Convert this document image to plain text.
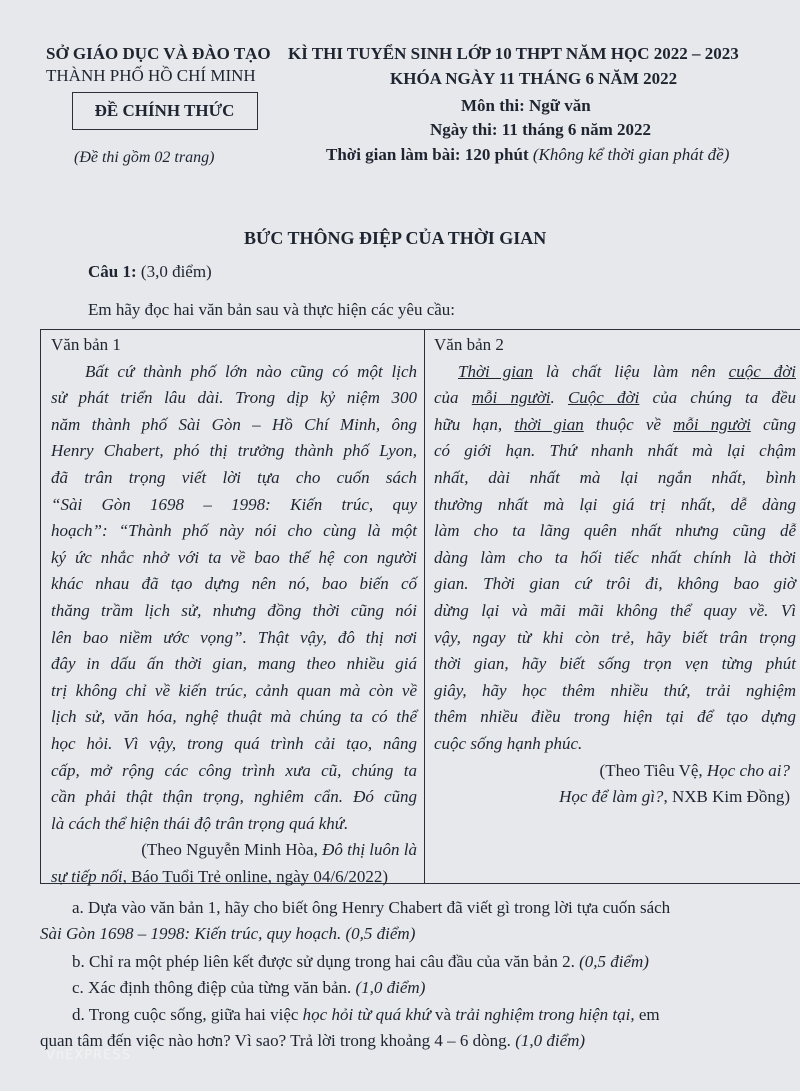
SỞ GIÁO DỤC VÀ ĐÀO TẠO
THÀNH PHỐ HỒ CHÍ MINH
ĐỀ CHÍNH THỨC
(Đề thi gồm 02 trang)
KÌ THI TUYỂN SINH LỚP 10 THPT NĂM HỌC 2022 – 2023
KHÓA NGÀY 11 THÁNG 6 NĂM 2022
Môn thi: Ngữ văn
Ngày thi: 11 tháng 6 năm 2022
Thời gian làm bài: 120 phút (Không kể thời gian phát đề)
BỨC THÔNG ĐIỆP CỦA THỜI GIAN
Câu 1: (3,0 điểm)
Em hãy đọc hai văn bản sau và thực hiện các yêu cầu:
Văn bản 1
Bất cứ thành phố lớn nào cũng có một lịch
sử phát triển lâu dài. Trong dịp kỷ niệm 300
năm thành phố Sài Gòn – Hồ Chí Minh, ông
Henry Chabert, phó thị trưởng thành phố Lyon,
đã trân trọng viết lời tựa cho cuốn sách
“Sài Gòn 1698 – 1998: Kiến trúc, quy
hoạch”: “Thành phố này nói cho cùng là một
ký ức nhắc nhở với ta về bao thế hệ con người
khác nhau đã tạo dựng nên nó, bao biến cố
thăng trầm lịch sử, nhưng đồng thời cũng nói
lên bao niềm ước vọng”. Thật vậy, đô thị nơi
đây in dấu ấn thời gian, mang theo nhiều giá
trị không chỉ về kiến trúc, cảnh quan mà còn về
lịch sử, văn hóa, nghệ thuật mà chúng ta có thể
học hỏi. Vì vậy, trong quá trình cải tạo, nâng
cấp, mở rộng các công trình xưa cũ, chúng ta
cần phải thật thận trọng, nghiêm cẩn. Đó cũng
là cách thể hiện thái độ trân trọng quá khứ.
(Theo Nguyễn Minh Hòa, Đô thị luôn là
sự tiếp nối, Báo Tuổi Trẻ online, ngày 04/6/2022)
Văn bản 2
Thời gian là chất liệu làm nên cuộc đời
của mỗi người. Cuộc đời của chúng ta đều
hữu hạn, thời gian thuộc về mỗi người cũng
có giới hạn. Thứ nhanh nhất mà lại chậm
nhất, dài nhất mà lại ngắn nhất, bình
thường nhất mà lại giá trị nhất, dễ dàng
làm cho ta lãng quên nhất nhưng cũng dễ
dàng làm cho ta hối tiếc nhất chính là thời
gian. Thời gian cứ trôi đi, không bao giờ
dừng lại và mãi mãi không thể quay về. Vì
vậy, ngay từ khi còn trẻ, hãy biết trân trọng
thời gian, hãy biết sống trọn vẹn từng phút
giây, hãy học thêm nhiều thứ, trải nghiệm
thêm nhiều điều trong hiện tại để tạo dựng
cuộc sống hạnh phúc.
(Theo Tiêu Vệ, Học cho ai?
Học để làm gì?, NXB Kim Đồng)
a. Dựa vào văn bản 1, hãy cho biết ông Henry Chabert đã viết gì trong lời tựa cuốn sách
Sài Gòn 1698 – 1998: Kiến trúc, quy hoạch. (0,5 điểm)
b. Chỉ ra một phép liên kết được sử dụng trong hai câu đầu của văn bản 2. (0,5 điểm)
c. Xác định thông điệp của từng văn bản. (1,0 điểm)
d. Trong cuộc sống, giữa hai việc học hỏi từ quá khứ và trải nghiệm trong hiện tại, em
quan tâm đến việc nào hơn? Vì sao? Trả lời trong khoảng 4 – 6 dòng. (1,0 điểm)
VnEXPRESS
